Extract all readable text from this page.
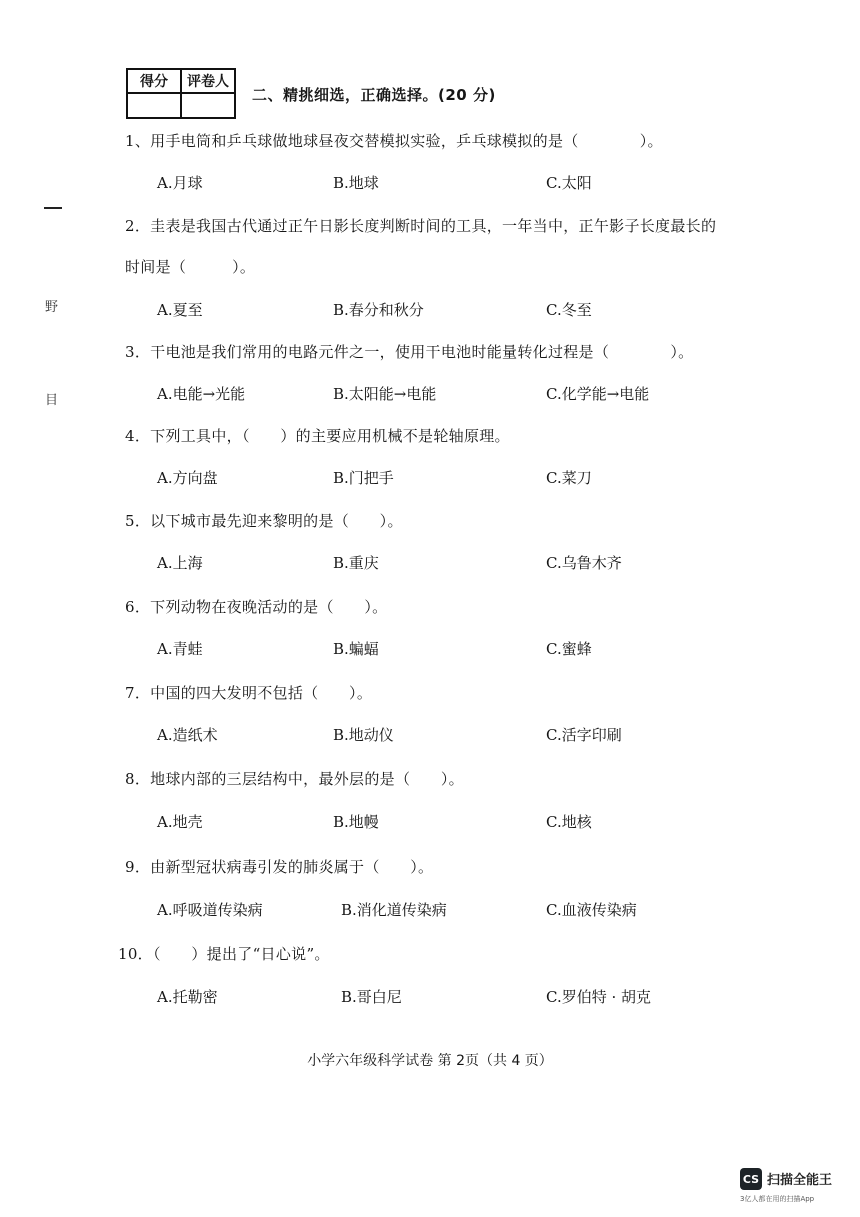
得分	评卷人

二、精挑细选，正确选择。(20 分)
野
目
1、用手电筒和乒乓球做地球昼夜交替模拟实验，乒乓球模拟的是（　　　　）。
A.月球	B.地球	C.太阳
2．圭表是我国古代通过正午日影长度判断时间的工具，一年当中，正午影子长度最长的
时间是（　　　）。
A.夏至	B.春分和秋分	C.冬至
3．干电池是我们常用的电路元件之一，使用干电池时能量转化过程是（　　　　）。
A.电能→光能	B.太阳能→电能	C.化学能→电能
4．下列工具中，（　　）的主要应用机械不是轮轴原理。
A.方向盘	B.门把手	C.菜刀
5．以下城市最先迎来黎明的是（　　）。
A.上海	B.重庆	C.乌鲁木齐
6．下列动物在夜晚活动的是（　　）。
A.青蛙	B.蝙蝠	C.蜜蜂
7．中国的四大发明不包括（　　）。
A.造纸术	B.地动仪	C.活字印刷
8．地球内部的三层结构中，最外层的是（　　）。
A.地壳	B.地幔	C.地核
9．由新型冠状病毒引发的肺炎属于（　　）。
A.呼吸道传染病	B.消化道传染病	C.血液传染病
10．（　　）提出了“日心说”。
A.托勒密	B.哥白尼	C.罗伯特 · 胡克
小学六年级科学试卷 第 2页（共 4 页）
CS 扫描全能王
3亿人都在用的扫描App
